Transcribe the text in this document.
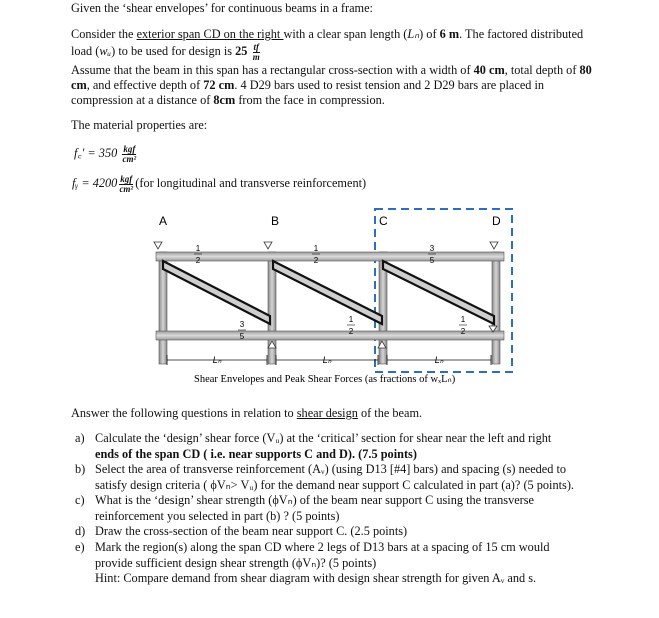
Given the ‘shear envelopes’ for continuous beams in a frame:
Consider the exterior span CD on the right with a clear span length (Lₙ) of 6 m. The factored distributed
load (wᵤ) to be used for design is $25 \frac{tf}{m}$
Assume that the beam in this span has a rectangular cross-section with a width of 40 cm, total depth of 80
cm, and effective depth of 72 cm. 4 D29 bars used to resist tension and 2 D29 bars are placed in
compression at a distance of 8cm from the face in compression.
The material properties are:
f꜀′ = $350 \frac{\text{kgf}}{\text{cm²}}$
fᵧ = $4200 \frac{\text{kgf}}{\text{cm²}} (for$ longitudinal and transverse reinforcement)
A	B	C	D
1
2
1
2
3
5
3
5
1
2
1
2
Lₙ	Lₙ	Lₙ
Shear Envelopes and Peak Shear Forces (as fractions of wₓLₙ)
Answer the following questions in relation to shear design of the beam.
a) Calculate the ‘design’ shear force (Vᵤ) at the ‘critical’ section for shear near the left and right
ends of the span CD ( i.e. near supports C and D). (7.5 points)
b) Select the area of transverse reinforcement (Aᵥ) (using D13 [#4] bars) and spacing (s) needed to
satisfy design criteria ( ϕVₙ> Vᵤ) for the demand near support C calculated in part (a)? (5 points).
c) What is the ‘design’ shear strength (ϕVₙ) of the beam near support C using the transverse
reinforcement you selected in part (b) ? (5 points)
d) Draw the cross-section of the beam near support C. (2.5 points)
e) Mark the region(s) along the span CD where 2 legs of D13 bars at a spacing of 15 cm would
provide sufficient design shear strength (ϕVₙ)? (5 points)
Hint: Compare demand from shear diagram with design shear strength for given Aᵥ and s.
